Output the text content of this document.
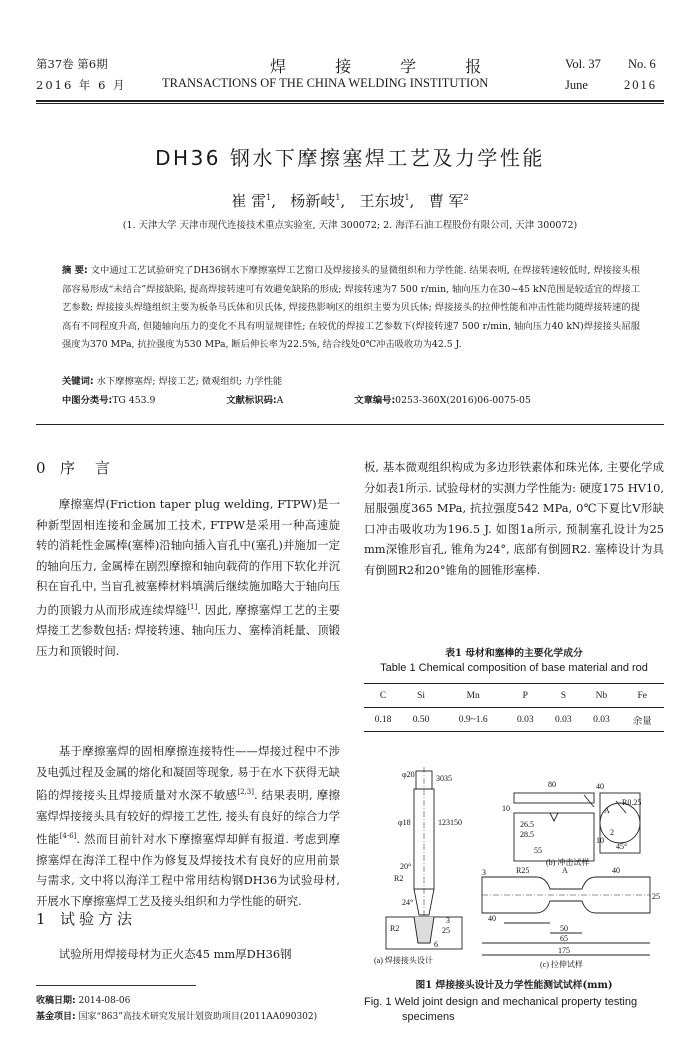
第37卷 第6期
2016 年 6 月
焊 接 学 报
TRANSACTIONS OF THE CHINA WELDING INSTITUTION
Vol. 37 No. 6
June	2016
DH36 钢水下摩擦塞焊工艺及力学性能
崔 雷$^1$,   杨新岐$^1$,   王东坡$^1$,   曹 军$^2$
(1. 天津大学 天津市现代连接技术重点实验室, 天津 300072; 2. 海洋石油工程股份有限公司, 天津 300072)
摘 要: 文中通过工艺试验研究了DH36钢水下摩擦塞焊工艺窗口及焊接接头的显微组织和力学性能. 结果表明, 在焊接转速较低时, 焊接接头根部容易形成“未结合”焊接缺陷, 提高焊接转速可有效避免缺陷的形成; 焊接转速为7 500 r/min, 轴向压力在30~45 kN范围是较适宜的焊接工艺参数; 焊接接头焊缝组织主要为板条马氏体和贝氏体, 焊接热影响区的组织主要为贝氏体; 焊接接头的拉伸性能和冲击性能均随焊接转速的提高有不同程度升高, 但随轴向压力的变化不具有明显规律性; 在较优的焊接工艺参数下(焊接转速7 500 r/min, 轴向压力40 kN)焊接接头屈服强度为370 MPa, 抗拉强度为530 MPa, 断后伸长率为22.5%, 结合线处0℃冲击吸收功为42.5 J.
关键词: 水下摩擦塞焊; 焊接工艺; 微观组织; 力学性能
中图分类号:TG 453.9	文献标识码:A	文章编号:0253-360X(2016)06-0075-05
0 序言
摩擦塞焊(Friction taper plug welding, FTPW)是一种新型固相连接和金属加工技术, FTPW是采用一种高速旋转的消耗性金属棒(塞棒)沿轴向插入盲孔中(塞孔)并施加一定的轴向压力, 金属棒在剧烈摩擦和轴向载荷的作用下软化并沉积在盲孔中, 当盲孔被塞棒材料填满后继续施加略大于轴向压力的顶锻力从而形成连续焊缝[1]. 因此, 摩擦塞焊工艺的主要焊接工艺参数包括: 焊接转速、轴向压力、塞棒消耗量、顶锻压力和顶锻时间.
基于摩擦塞焊的固相摩擦连接特性——焊接过程中不涉及电弧过程及金属的熔化和凝固等现象, 易于在水下获得无缺陷的焊接接头且焊接质量对水深不敏感[2,3]. 结果表明, 摩擦塞焊焊接接头具有较好的焊接工艺性, 接头有良好的综合力学性能[4-6]. 然而目前针对水下摩擦塞焊却鲜有报道. 考虑到摩擦塞焊在海洋工程中作为修复及焊接技术有良好的应用前景与需求, 文中将以海洋工程中常用结构钢DH36为试验母材, 开展水下摩擦塞焊工艺及接头组织和力学性能的研究.
1 试验方法
试验所用焊接母材为正火态45 mm厚DH36钢
收稿日期: 2014-08-06
基金项目: 国家“863”高技术研究发展计划资助项目(2011AA090302)
板, 基本微观组织构成为多边形铁素体和珠光体, 主要化学成分如表1所示. 试验母材的实测力学性能为: 硬度175 HV10, 屈服强度365 MPa, 抗拉强度542 MPa, 0℃下夏比V形缺口冲击吸收功为196.5 J. 如图1a所示, 预制塞孔设计为25 mm深锥形盲孔, 锥角为24°, 底部有倒圆R2. 塞棒设计为具有倒圆R2和20°锥角的圆锥形塞棒.
表1 母材和塞棒的主要化学成分
Table 1 Chemical composition of base material and rod
C	Si	Mn	P	S	Nb	Fe
0.18	0.50	0.9~1.6	0.03	0.03	0.03	余量
φ20	30 35
φ18	123 150
R2
20°
24°
25
3
R2
6
80	40
10
26.5
28.5
55
10
A
R0.25
2
45°
(b) 冲击试样
3	R25	A	40
25
40
50
65
175
(a) 焊接接头设计	(c) 拉伸试样
图1 焊接接头设计及力学性能测试试样(mm)
Fig. 1 Weld joint design and mechanical property testing specimens
